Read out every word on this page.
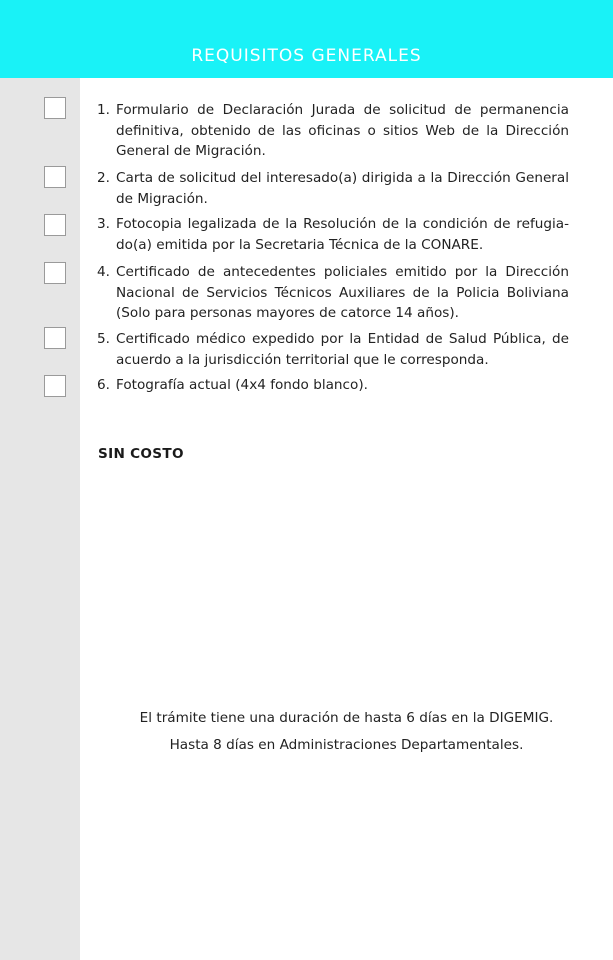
REQUISITOS GENERALES
1. Formulario de Declaración Jurada de solicitud de permanencia definitiva, obtenido de las oficinas o sitios Web de la Dirección General de Migración.
2. Carta de solicitud del interesado(a) dirigida a la Dirección General de Migración.
3. Fotocopia legalizada de la Resolución de la condición de refugia-do(a) emitida por la Secretaria Técnica de la CONARE.
4. Certificado de antecedentes policiales emitido por la Dirección Nacional de Servicios Técnicos Auxiliares de la Policia Boliviana (Solo para personas mayores de catorce 14 años).
5. Certificado médico expedido por la Entidad de Salud Pública, de acuerdo a la jurisdicción territorial que le corresponda.
6. Fotografía actual (4x4 fondo blanco).
SIN COSTO
El trámite tiene una duración de hasta 6 días en la DIGEMIG.
Hasta 8 días en Administraciones Departamentales.
